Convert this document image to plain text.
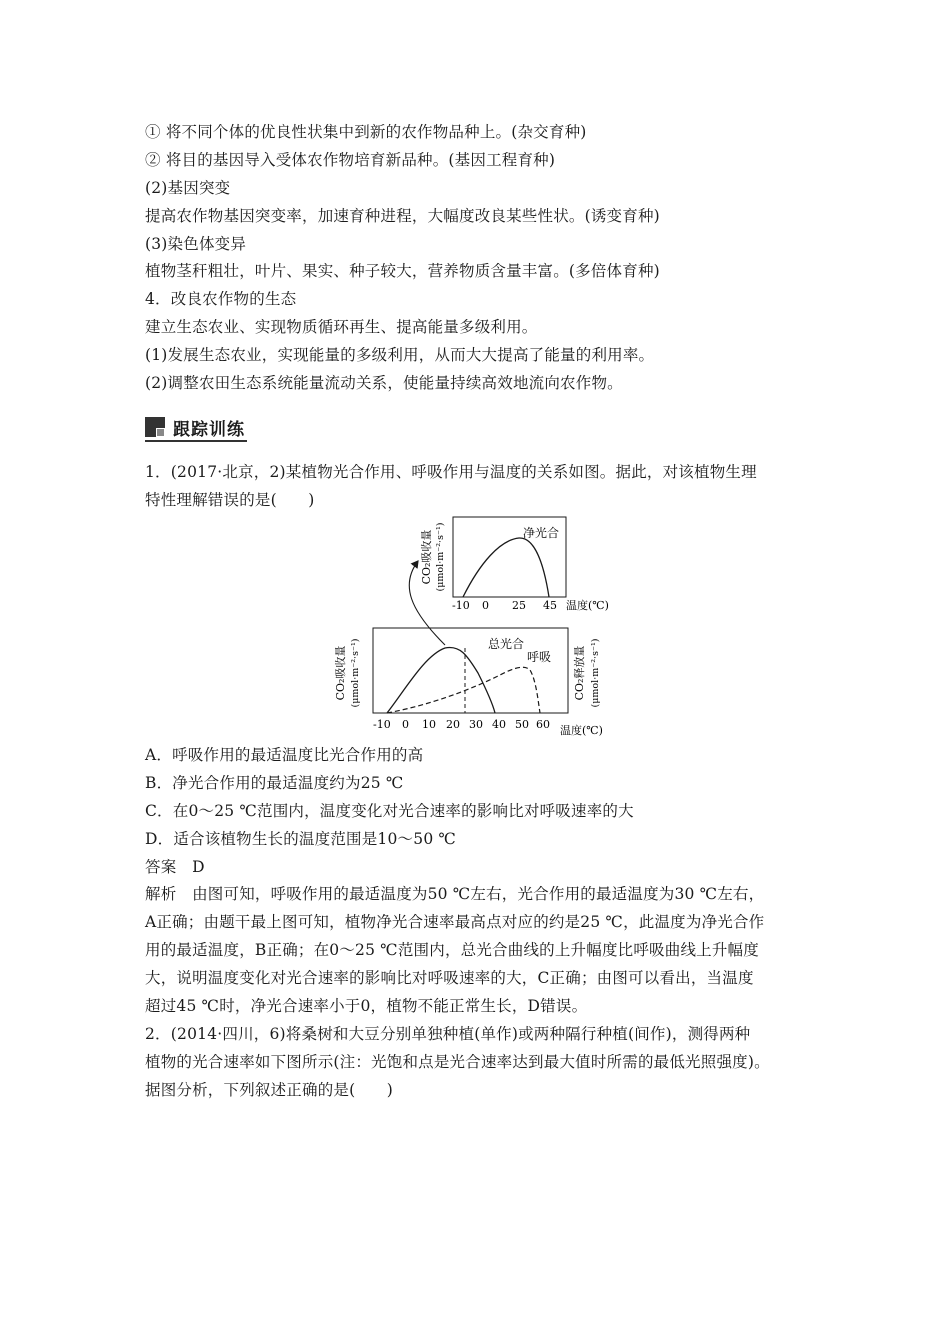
① 将不同个体的优良性状集中到新的农作物品种上。(杂交育种)
② 将目的基因导入受体农作物培育新品种。(基因工程育种)
(2)基因突变
提高农作物基因突变率，加速育种进程，大幅度改良某些性状。(诱变育种)
(3)染色体变异
植物茎秆粗壮，叶片、果实、种子较大，营养物质含量丰富。(多倍体育种)
4．改良农作物的生态
建立生态农业、实现物质循环再生、提高能量多级利用。
(1)发展生态农业，实现能量的多级利用，从而大大提高了能量的利用率。
(2)调整农田生态系统能量流动关系，使能量持续高效地流向农作物。
跟踪训练
1．(2017·北京，2)某植物光合作用、呼吸作用与温度的关系如图。据此，对该植物生理
特性理解错误的是(　　)
CO₂吸收量 (μmol·m⁻²·s⁻¹)	净光合
-10 0 25 45 温度(℃)
CO₂吸收量 (μmol·m⁻²·s⁻¹)	CO₂释放量 (μmol·m⁻²·s⁻¹)
总光合
呼吸
-10 0 10 20 30 40 50 60 温度(℃)
A．呼吸作用的最适温度比光合作用的高
B．净光合作用的最适温度约为25 ℃
C．在0～25 ℃范围内，温度变化对光合速率的影响比对呼吸速率的大
D．适合该植物生长的温度范围是10～50 ℃
答案　D
解析　由图可知，呼吸作用的最适温度为50 ℃左右，光合作用的最适温度为30 ℃左右，
A正确；由题干最上图可知，植物净光合速率最高点对应的约是25 ℃，此温度为净光合作
用的最适温度，B正确；在0～25 ℃范围内，总光合曲线的上升幅度比呼吸曲线上升幅度
大，说明温度变化对光合速率的影响比对呼吸速率的大，C正确；由图可以看出，当温度
超过45 ℃时，净光合速率小于0，植物不能正常生长，D错误。
2．(2014·四川，6)将桑树和大豆分别单独种植(单作)或两种隔行种植(间作)，测得两种
植物的光合速率如下图所示(注：光饱和点是光合速率达到最大值时所需的最低光照强度)。
据图分析，下列叙述正确的是(　　)
